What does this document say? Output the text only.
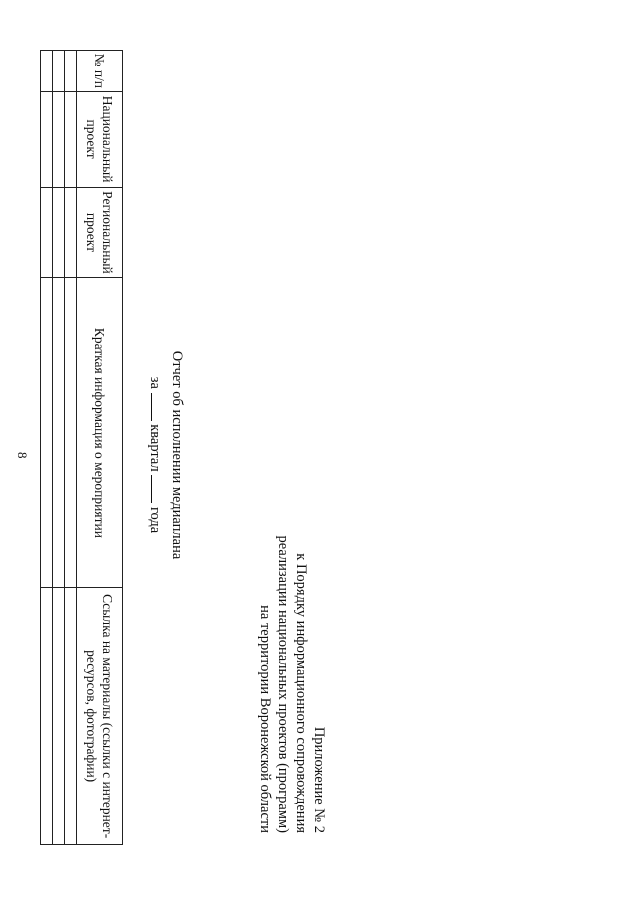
8
Приложение № 2
к Порядку информационного сопровождения
реализации национальных проектов (программ)
на территории Воронежской области
Отчет об исполнении медиаплана
за  квартал  года
№ п/п	Национальный проект	Региональный проект	Краткая информация о мероприятии	Ссылка на материалы (ссылки с интернет-ресурсов, фотографии)
